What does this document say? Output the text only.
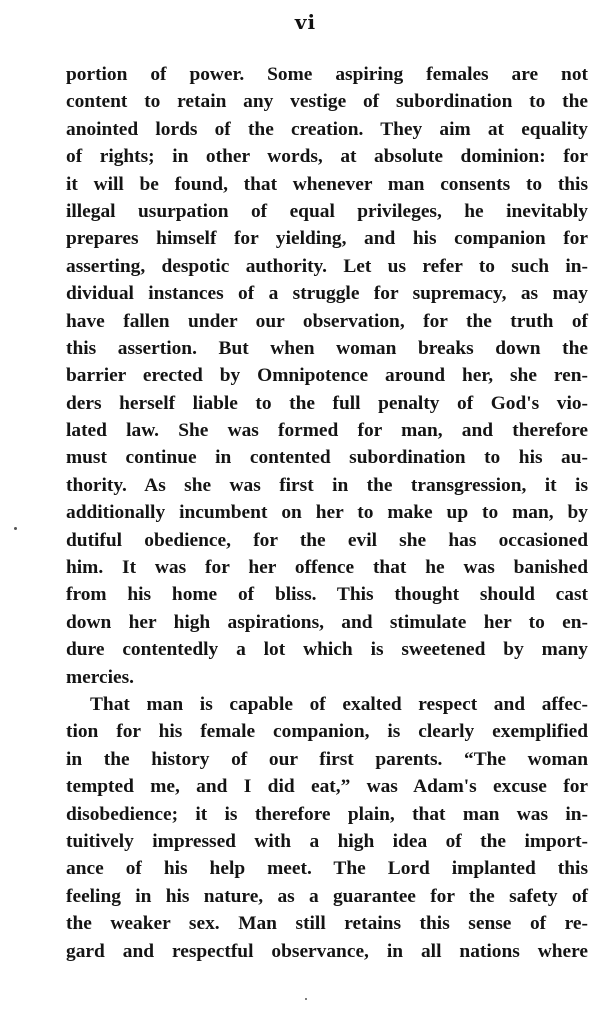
vi
portion of power. Some aspiring females are not
content to retain any vestige of subordination to the
anointed lords of the creation. They aim at equality
of rights; in other words, at absolute dominion: for
it will be found, that whenever man consents to this
illegal usurpation of equal privileges, he inevitably
prepares himself for yielding, and his companion for
asserting, despotic authority. Let us refer to such in-
dividual instances of a struggle for supremacy, as may
have fallen under our observation, for the truth of
this assertion. But when woman breaks down the
barrier erected by Omnipotence around her, she ren-
ders herself liable to the full penalty of God's vio-
lated law. She was formed for man, and therefore
must continue in contented subordination to his au-
thority. As she was first in the transgression, it is
additionally incumbent on her to make up to man, by
dutiful obedience, for the evil she has occasioned
him. It was for her offence that he was banished
from his home of bliss. This thought should cast
down her high aspirations, and stimulate her to en-
dure contentedly a lot which is sweetened by many
mercies.
That man is capable of exalted respect and affec-
tion for his female companion, is clearly exemplified
in the history of our first parents. “The woman
tempted me, and I did eat,” was Adam's excuse for
disobedience; it is therefore plain, that man was in-
tuitively impressed with a high idea of the import-
ance of his help meet. The Lord implanted this
feeling in his nature, as a guarantee for the safety of
the weaker sex. Man still retains this sense of re-
gard and respectful observance, in all nations where
